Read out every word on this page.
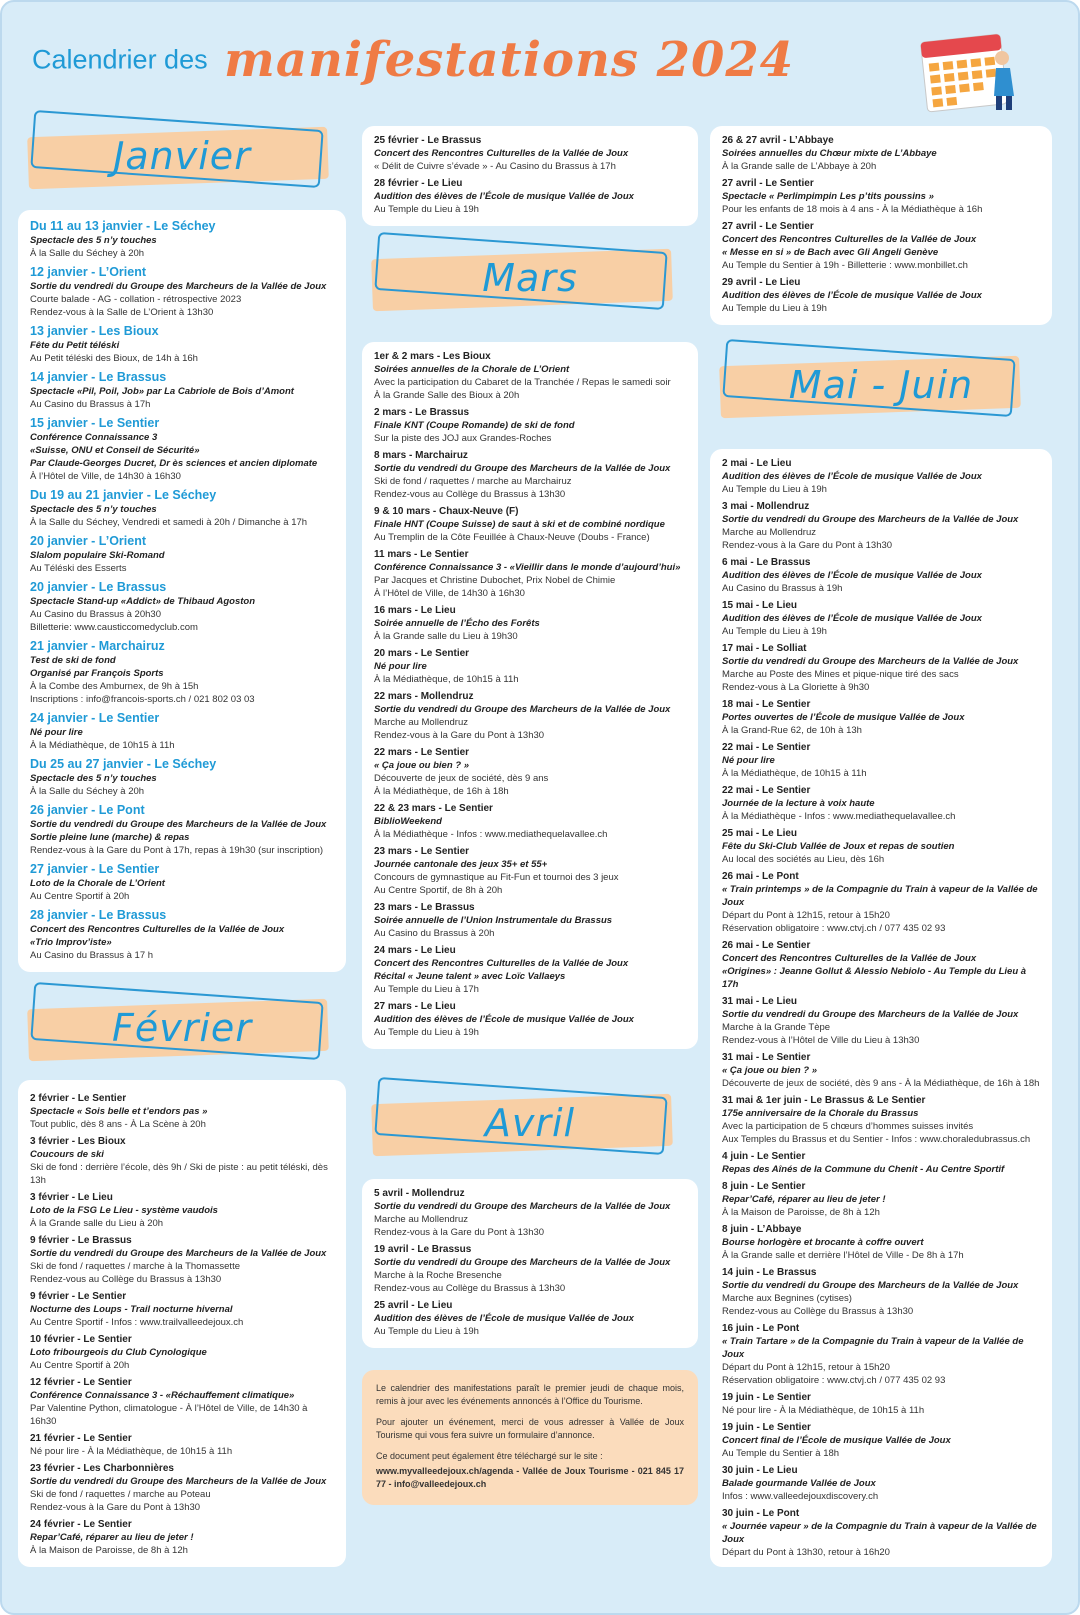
Calendrier des manifestations 2024
Janvier
Du 11 au 13 janvier - Le Séchey
Spectacle des 5 n’y touches
À la Salle du Séchey à 20h
12 janvier - L’Orient
Sortie du vendredi du Groupe des Marcheurs de la Vallée de Joux
Courte balade - AG - collation - rétrospective 2023
Rendez-vous à la Salle de L’Orient à 13h30
13 janvier - Les Bioux
Fête du Petit téléski
Au Petit téléski des Bioux, de 14h à 16h
14 janvier - Le Brassus
Spectacle «Pil, Poil, Job» par La Cabriole de Bois d’Amont
Au Casino du Brassus à 17h
15 janvier - Le Sentier
Conférence Connaissance 3
«Suisse, ONU et Conseil de Sécurité»
Par Claude-Georges Ducret, Dr ès sciences et ancien diplomate
À l’Hôtel de Ville, de 14h30 à 16h30
Du 19 au 21 janvier - Le Séchey
Spectacle des 5 n’y touches
À la Salle du Séchey, Vendredi et samedi à 20h / Dimanche à 17h
20 janvier - L’Orient
Slalom populaire Ski-Romand
Au Téléski des Esserts
20 janvier - Le Brassus
Spectacle Stand-up «Addict» de Thibaud Agoston
Au Casino du Brassus à 20h30
Billetterie: www.causticcomedyclub.com
21 janvier - Marchairuz
Test de ski de fond
Organisé par François Sports
À la Combe des Amburnex, de 9h à 15h
Inscriptions : info@francois-sports.ch / 021 802 03 03
24 janvier - Le Sentier
Né pour lire
À la Médiathèque, de 10h15 à 11h
Du 25 au 27 janvier - Le Séchey
Spectacle des 5 n’y touches
À la Salle du Séchey à 20h
26 janvier - Le Pont
Sortie du vendredi du Groupe des Marcheurs de la Vallée de Joux
Sortie pleine lune (marche) & repas
Rendez-vous à la Gare du Pont à 17h, repas à 19h30 (sur inscription)
27 janvier - Le Sentier
Loto de la Chorale de L’Orient
Au Centre Sportif à 20h
28 janvier - Le Brassus
Concert des Rencontres Culturelles de la Vallée de Joux
«Trio Improv’iste»
Au Casino du Brassus à 17 h
Février
2 février - Le Sentier
Spectacle « Sois belle et t’endors pas »
Tout public, dès 8 ans - À La Scène à 20h
3 février - Les Bioux
Coucours de ski
Ski de fond : derrière l’école, dès 9h / Ski de piste : au petit téléski, dès 13h
3 février - Le Lieu
Loto de la FSG Le Lieu - système vaudois
À la Grande salle du Lieu à 20h
9 février - Le Brassus
Sortie du vendredi du Groupe des Marcheurs de la Vallée de Joux
Ski de fond / raquettes / marche à la Thomassette
Rendez-vous au Collège du Brassus à 13h30
9 février - Le Sentier
Nocturne des Loups - Trail nocturne hivernal
Au Centre Sportif - Infos : www.trailvalleedejoux.ch
10 février - Le Sentier
Loto fribourgeois du Club Cynologique
Au Centre Sportif à 20h
12 février - Le Sentier
Conférence Connaissance 3 - «Réchauffement climatique»
Par Valentine Python, climatologue - À l’Hôtel de Ville, de 14h30 à 16h30
21 février - Le Sentier
Né pour lire - À la Médiathèque, de 10h15 à 11h
23 février - Les Charbonnières
Sortie du vendredi du Groupe des Marcheurs de la Vallée de Joux
Ski de fond / raquettes / marche au Poteau
Rendez-vous à la Gare du Pont à 13h30
24 février - Le Sentier
Repar’Café, réparer au lieu de jeter !
À la Maison de Paroisse, de 8h à 12h
25 février - Le Brassus
Concert des Rencontres Culturelles de la Vallée de Joux
« Délit de Cuivre s’évade » - Au Casino du Brassus à 17h
28 février - Le Lieu
Audition des élèves de l’École de musique Vallée de Joux
Au Temple du Lieu à 19h
Mars
1er & 2 mars - Les Bioux
Soirées annuelles de la Chorale de L’Orient
Avec la participation du Cabaret de la Tranchée / Repas le samedi soir
À la Grande Salle des Bioux à 20h
2 mars - Le Brassus
Finale KNT (Coupe Romande) de ski de fond
Sur la piste des JOJ aux Grandes-Roches
8 mars - Marchairuz
Sortie du vendredi du Groupe des Marcheurs de la Vallée de Joux
Ski de fond / raquettes / marche au Marchairuz
Rendez-vous au Collège du Brassus à 13h30
9 & 10 mars - Chaux-Neuve (F)
Finale HNT (Coupe Suisse) de saut à ski et de combiné nordique
Au Tremplin de la Côte Feuillée à Chaux-Neuve (Doubs - France)
11 mars - Le Sentier
Conférence Connaissance 3 - «Vieillir dans le monde d’aujourd’hui»
Par Jacques et Christine Dubochet, Prix Nobel de Chimie
À l’Hôtel de Ville, de 14h30 à 16h30
16 mars - Le Lieu
Soirée annuelle de l’Écho des Forêts
À la Grande salle du Lieu à 19h30
20 mars - Le Sentier
Né pour lire
À la Médiathèque, de 10h15 à 11h
22 mars - Mollendruz
Sortie du vendredi du Groupe des Marcheurs de la Vallée de Joux
Marche au Mollendruz
Rendez-vous à la Gare du Pont à 13h30
22 mars - Le Sentier
« Ça joue ou bien ? »
Découverte de jeux de société, dès 9 ans
À la Médiathèque, de 16h à 18h
22 & 23 mars - Le Sentier
BiblioWeekend
À la Médiathèque - Infos : www.mediathequelavallee.ch
23 mars - Le Sentier
Journée cantonale des jeux 35+ et 55+
Concours de gymnastique au Fit-Fun et tournoi des 3 jeux
Au Centre Sportif, de 8h à 20h
23 mars - Le Brassus
Soirée annuelle de l’Union Instrumentale du Brassus
Au Casino du Brassus à 20h
24 mars - Le Lieu
Concert des Rencontres Culturelles de la Vallée de Joux
Récital « Jeune talent » avec Loïc Vallaeys
Au Temple du Lieu à 17h
27 mars - Le Lieu
Audition des élèves de l’École de musique Vallée de Joux
Au Temple du Lieu à 19h
Avril
5 avril - Mollendruz
Sortie du vendredi du Groupe des Marcheurs de la Vallée de Joux
Marche au Mollendruz
Rendez-vous à la Gare du Pont à 13h30
19 avril - Le Brassus
Sortie du vendredi du Groupe des Marcheurs de la Vallée de Joux
Marche à la Roche Bresenche
Rendez-vous au Collège du Brassus à 13h30
25 avril - Le Lieu
Audition des élèves de l’École de musique Vallée de Joux
Au Temple du Lieu à 19h
Le calendrier des manifestations paraît le premier jeudi de chaque mois, remis à jour avec les événements annoncés à l’Office du Tourisme.
Pour ajouter un événement, merci de vous adresser à Vallée de Joux Tourisme qui vous fera suivre un formulaire d’annonce.
Ce document peut également être téléchargé sur le site :
www.myvalleedejoux.ch/agenda - Vallée de Joux Tourisme - 021 845 17 77 - info@valleedejoux.ch
26 & 27 avril - L’Abbaye
Soirées annuelles du Chœur mixte de L’Abbaye
À la Grande salle de L’Abbaye à 20h
27 avril - Le Sentier
Spectacle « Perlimpimpin Les p’tits poussins »
Pour les enfants de 18 mois à 4 ans - À la Médiathèque à 16h
27 avril - Le Sentier
Concert des Rencontres Culturelles de la Vallée de Joux
« Messe en si » de Bach avec Gli Angeli Genève
Au Temple du Sentier à 19h - Billetterie : www.monbillet.ch
29 avril - Le Lieu
Audition des élèves de l’École de musique Vallée de Joux
Au Temple du Lieu à 19h
Mai - Juin
2 mai - Le Lieu
Audition des élèves de l’École de musique Vallée de Joux
Au Temple du Lieu à 19h
3 mai - Mollendruz
Sortie du vendredi du Groupe des Marcheurs de la Vallée de Joux
Marche au Mollendruz
Rendez-vous à la Gare du Pont à 13h30
6 mai - Le Brassus
Audition des élèves de l’École de musique Vallée de Joux
Au Casino du Brassus à 19h
15 mai - Le Lieu
Audition des élèves de l’École de musique Vallée de Joux
Au Temple du Lieu à 19h
17 mai - Le Solliat
Sortie du vendredi du Groupe des Marcheurs de la Vallée de Joux
Marche au Poste des Mines et pique-nique tiré des sacs
Rendez-vous à La Gloriette à 9h30
18 mai - Le Sentier
Portes ouvertes de l’École de musique Vallée de Joux
À la Grand-Rue 62, de 10h à 13h
22 mai - Le Sentier
Né pour lire
À la Médiathèque, de 10h15 à 11h
22 mai - Le Sentier
Journée de la lecture à voix haute
À la Médiathèque - Infos : www.mediathequelavallee.ch
25 mai - Le Lieu
Fête du Ski-Club Vallée de Joux et repas de soutien
Au local des sociétés au Lieu, dès 16h
26 mai - Le Pont
« Train printemps » de la Compagnie du Train à vapeur de la Vallée de Joux
Départ du Pont à 12h15, retour à 15h20
Réservation obligatoire : www.ctvj.ch / 077 435 02 93
26 mai - Le Sentier
Concert des Rencontres Culturelles de la Vallée de Joux
«Origines» : Jeanne Gollut & Alessio Nebiolo - Au Temple du Lieu à 17h
31 mai - Le Lieu
Sortie du vendredi du Groupe des Marcheurs de la Vallée de Joux
Marche à la Grande Tèpe
Rendez-vous à l’Hôtel de Ville du Lieu à 13h30
31 mai - Le Sentier
« Ça joue ou bien ? »
Découverte de jeux de société, dès 9 ans - À la Médiathèque, de 16h à 18h
31 mai & 1er juin - Le Brassus & Le Sentier
175e anniversaire de la Chorale du Brassus
Avec la participation de 5 chœurs d’hommes suisses invités
Aux Temples du Brassus et du Sentier - Infos : www.choraledubrassus.ch
4 juin - Le Sentier
Repas des Aînés de la Commune du Chenit - Au Centre Sportif
8 juin - Le Sentier
Repar’Café, réparer au lieu de jeter !
À la Maison de Paroisse, de 8h à 12h
8 juin - L’Abbaye
Bourse horlogère et brocante à coffre ouvert
À la Grande salle et derrière l’Hôtel de Ville - De 8h à 17h
14 juin - Le Brassus
Sortie du vendredi du Groupe des Marcheurs de la Vallée de Joux
Marche aux Begnines (cytises)
Rendez-vous au Collège du Brassus à 13h30
16 juin - Le Pont
« Train Tartare » de la Compagnie du Train à vapeur de la Vallée de Joux
Départ du Pont à 12h15, retour à 15h20
Réservation obligatoire : www.ctvj.ch / 077 435 02 93
19 juin - Le Sentier
Né pour lire - À la Médiathèque, de 10h15 à 11h
19 juin - Le Sentier
Concert final de l’École de musique Vallée de Joux
Au Temple du Sentier à 18h
30 juin - Le Lieu
Balade gourmande Vallée de Joux
Infos : www.valleedejouxdiscovery.ch
30 juin - Le Pont
« Journée vapeur » de la Compagnie du Train à vapeur de la Vallée de Joux
Départ du Pont à 13h30, retour à 16h20
